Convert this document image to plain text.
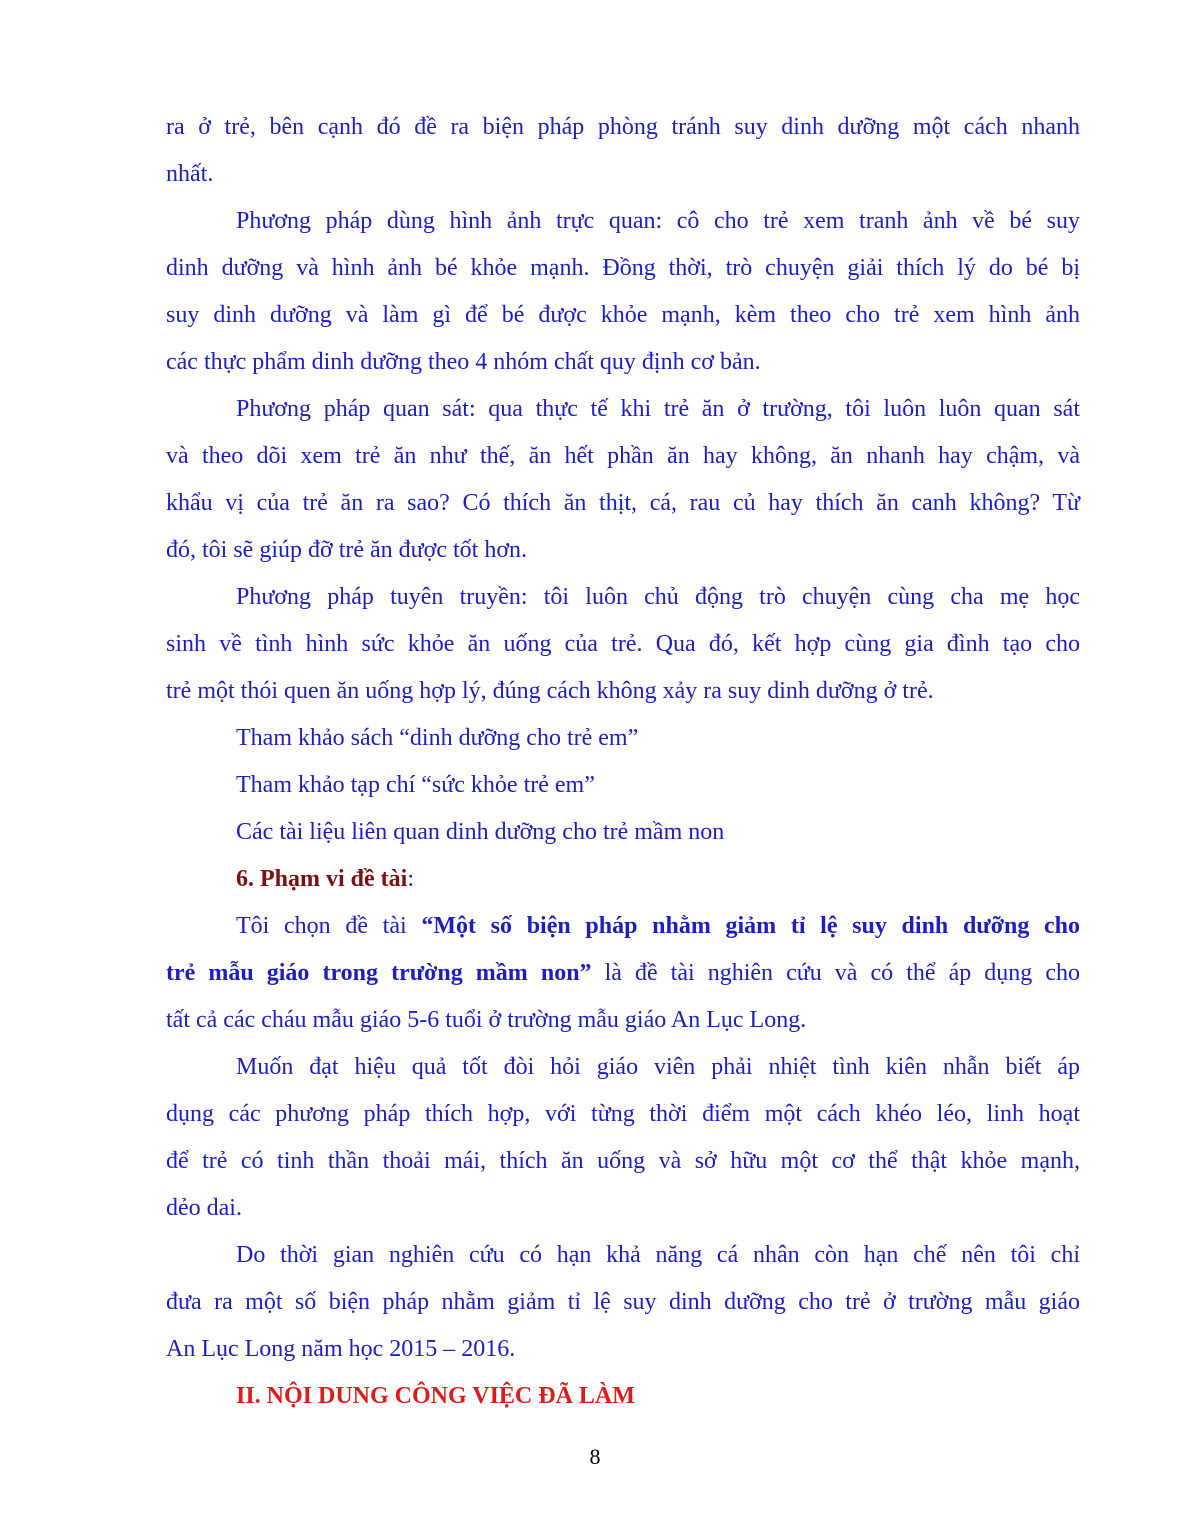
ra ở trẻ, bên cạnh đó đề ra biện pháp phòng tránh suy dinh dưỡng một cách nhanh
nhất.
Phương pháp dùng hình ảnh trực quan: cô cho trẻ xem tranh ảnh về bé suy
dinh dưỡng và hình ảnh bé khỏe mạnh. Đồng thời, trò chuyện giải thích lý do bé bị
suy dinh dưỡng và làm gì để bé được khỏe mạnh, kèm theo cho trẻ xem hình ảnh
các thực phẩm dinh dưỡng theo 4 nhóm chất quy định cơ bản.
Phương pháp quan sát: qua thực tế khi trẻ ăn ở trường, tôi luôn luôn quan sát
và theo dõi xem trẻ ăn như thế, ăn hết phần ăn hay không, ăn nhanh hay chậm, và
khẩu vị của trẻ ăn ra sao? Có thích ăn thịt, cá, rau củ hay thích ăn canh không? Từ
đó, tôi sẽ giúp đỡ trẻ ăn được tốt hơn.
Phương pháp tuyên truyền: tôi luôn chủ động trò chuyện cùng cha mẹ học
sinh về tình hình sức khỏe ăn uống của trẻ. Qua đó, kết hợp cùng gia đình tạo cho
trẻ một thói quen ăn uống hợp lý, đúng cách không xảy ra suy dinh dưỡng ở trẻ.
Tham khảo sách “dinh dưỡng cho trẻ em”
Tham khảo tạp chí “sức khỏe trẻ em”
Các tài liệu liên quan dinh dưỡng cho trẻ mầm non
6. Phạm vi đề tài:
Tôi chọn đề tài “Một số biện pháp nhằm giảm tỉ lệ suy dinh dưỡng cho
trẻ mẫu giáo trong trường mầm non” là đề tài nghiên cứu và có thể áp dụng cho
tất cả các cháu mẫu giáo 5-6 tuổi ở trường mẫu giáo An Lục Long.
Muốn đạt hiệu quả tốt đòi hỏi giáo viên phải nhiệt tình kiên nhẫn biết áp
dụng các phương pháp thích hợp, với từng thời điểm một cách khéo léo, linh hoạt
để trẻ có tinh thần thoải mái, thích ăn uống và sở hữu một cơ thể thật khỏe mạnh,
dẻo dai.
Do thời gian nghiên cứu có hạn khả năng cá nhân còn hạn chế nên tôi chỉ
đưa ra một số biện pháp nhằm giảm tỉ lệ suy dinh dưỡng cho trẻ ở trường mẫu giáo
An Lục Long năm học 2015 – 2016.
II. NỘI DUNG CÔNG VIỆC ĐÃ LÀM
8
